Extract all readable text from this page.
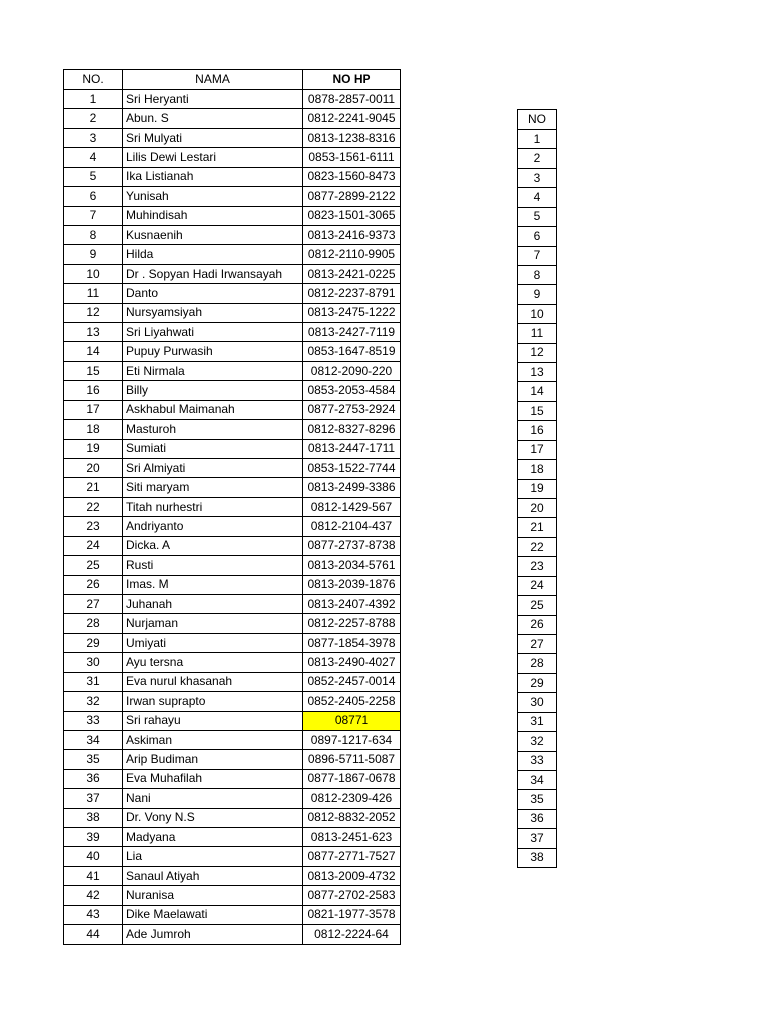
NO.	NAMA	NO HP
1	Sri Heryanti	0878-2857-0011
2	Abun. S	0812-2241-9045
3	Sri Mulyati	0813-1238-8316
4	Lilis Dewi Lestari	0853-1561-6111
5	Ika Listianah	0823-1560-8473
6	Yunisah	0877-2899-2122
7	Muhindisah	0823-1501-3065
8	Kusnaenih	0813-2416-9373
9	Hilda	0812-2110-9905
10	Dr . Sopyan Hadi Irwansayah	0813-2421-0225
11	Danto	0812-2237-8791
12	Nursyamsiyah	0813-2475-1222
13	Sri Liyahwati	0813-2427-7119
14	Pupuy Purwasih	0853-1647-8519
15	Eti Nirmala	0812-2090-220
16	Billy	0853-2053-4584
17	Askhabul Maimanah	0877-2753-2924
18	Masturoh	0812-8327-8296
19	Sumiati	0813-2447-1711
20	Sri Almiyati	0853-1522-7744
21	Siti maryam	0813-2499-3386
22	Titah nurhestri	0812-1429-567
23	Andriyanto	0812-2104-437
24	Dicka. A	0877-2737-8738
25	Rusti	0813-2034-5761
26	Imas. M	0813-2039-1876
27	Juhanah	0813-2407-4392
28	Nurjaman	0812-2257-8788
29	Umiyati	0877-1854-3978
30	Ayu tersna	0813-2490-4027
31	Eva nurul khasanah	0852-2457-0014
32	Irwan suprapto	0852-2405-2258
33	Sri rahayu	08771
34	Askiman	0897-1217-634
35	Arip Budiman	0896-5711-5087
36	Eva Muhafilah	0877-1867-0678
37	Nani	0812-2309-426
38	Dr. Vony N.S	0812-8832-2052
39	Madyana	0813-2451-623
40	Lia	0877-2771-7527
41	Sanaul Atiyah	0813-2009-4732
42	Nuranisa	0877-2702-2583
43	Dike Maelawati	0821-1977-3578
44	Ade Jumroh	0812-2224-64
NO
1
2
3
4
5
6
7
8
9
10
11
12
13
14
15
16
17
18
19
20
21
22
23
24
25
26
27
28
29
30
31
32
33
34
35
36
37
38
